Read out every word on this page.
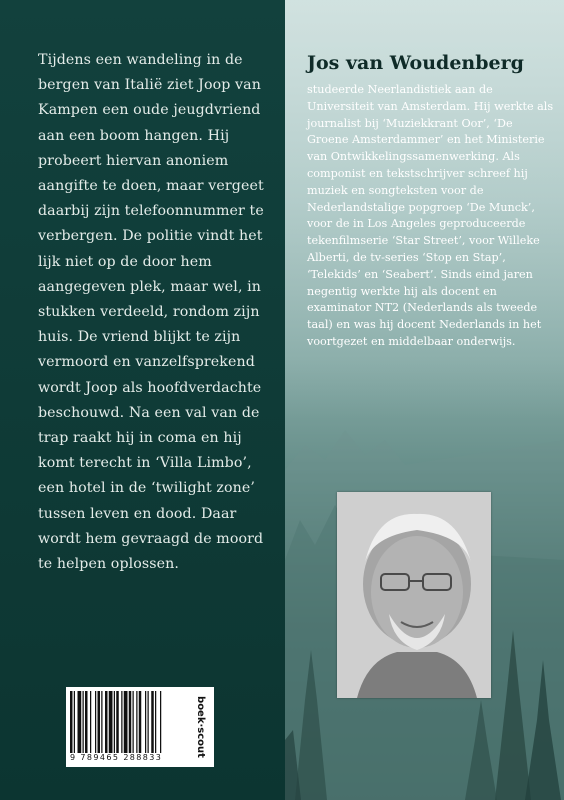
Tijdens een wandeling in de bergen van Italië ziet Joop van Kampen een oude jeugdvriend aan een boom hangen. Hij probeert hiervan anoniem aangifte te doen, maar vergeet daarbij zijn telefoonnummer te verbergen. De politie vindt het lijk niet op de door hem aangegeven plek, maar wel, in stukken verdeeld, rondom zijn huis. De vriend blijkt te zijn vermoord en vanzelfsprekend wordt Joop als hoofdverdachte beschouwd. Na een val van de trap raakt hij in coma en hij komt terecht in ‘Villa Limbo’, een hotel in de ‘twilight zone’ tussen leven en dood. Daar wordt hem gevraagd de moord te helpen oplossen.

9 789465 288833	boek·scout
Jos van Woudenberg

studeerde Neerlandistiek aan de Universiteit van Amsterdam. Hij werkte als journalist bij ‘Muziekkrant Oor’, ‘De Groene Amsterdammer’ en het Ministerie van Ontwikkelingssamenwerking. Als componist en tekstschrijver schreef hij muziek en songteksten voor de Nederlandstalige popgroep ‘De Munck’, voor de in Los Angeles geproduceerde tekenfilmserie ‘Star Street’, voor Willeke Alberti, de tv-series ‘Stop en Stap’, ‘Telekids’ en ‘Seabert’. Sinds eind jaren negentig werkte hij als docent en examinator NT2 (Nederlands als tweede taal) en was hij docent Nederlands in het voortgezet en middelbaar onderwijs.
